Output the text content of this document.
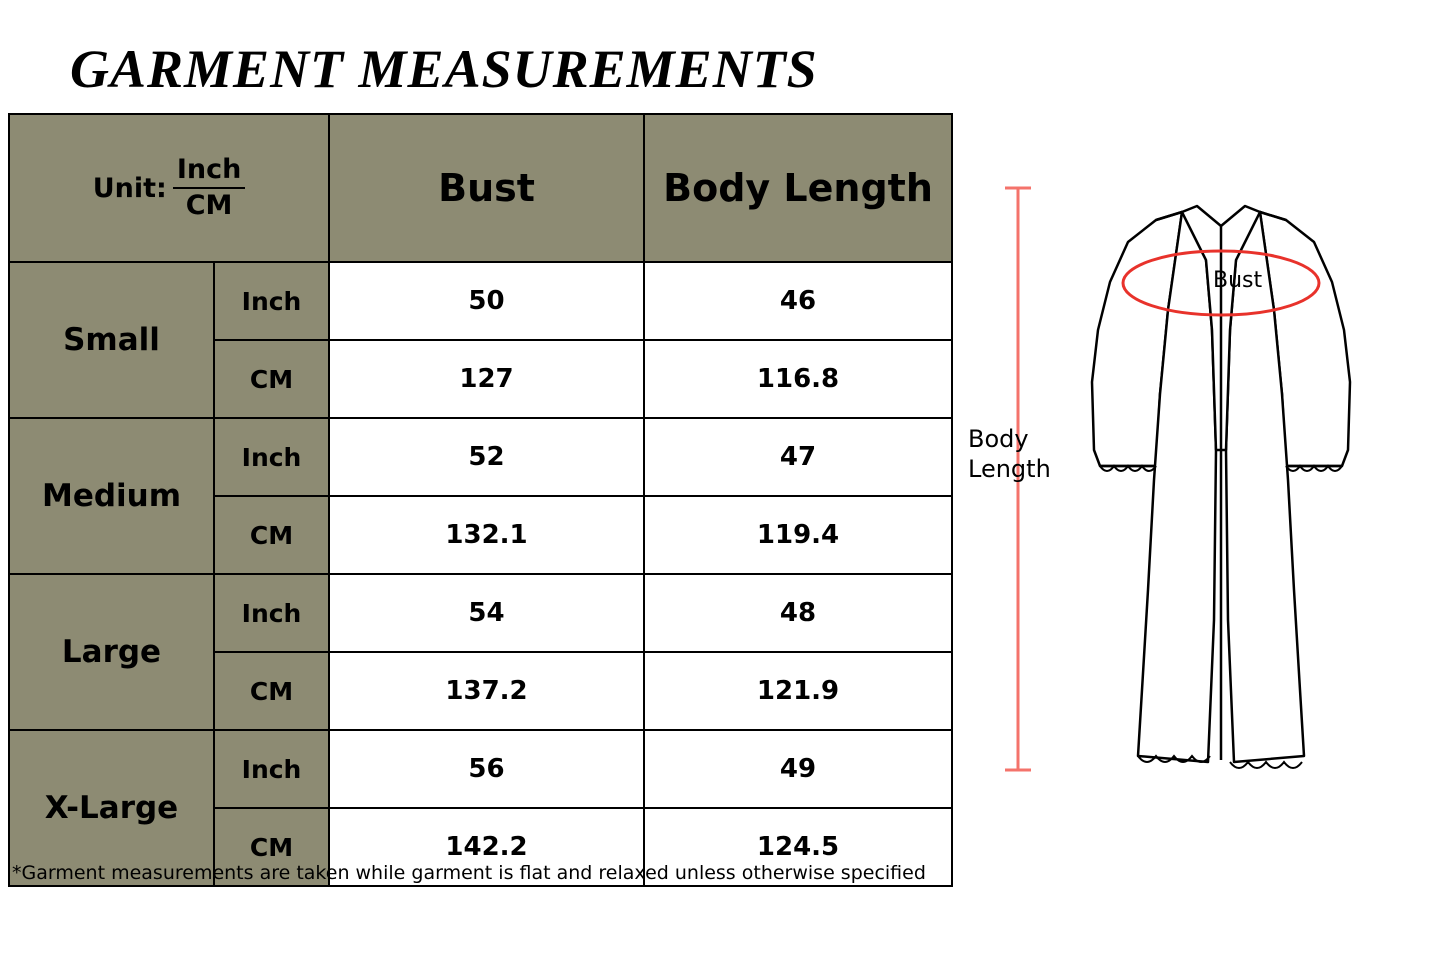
GARMENT MEASUREMENTS
Unit: $\frac{\text{Inch}}{CM}$		Bust	Body Length
Small	Inch	50	46
	CM	127	116.8
Medium	Inch	52	47
	CM	132.1	119.4
Large	Inch	54	48
	CM	137.2	121.9
X-Large	Inch	56	49
	CM	142.2	124.5
*Garment measurements are taken while garment is flat and relaxed unless otherwise specified
Bust
Body
Length
